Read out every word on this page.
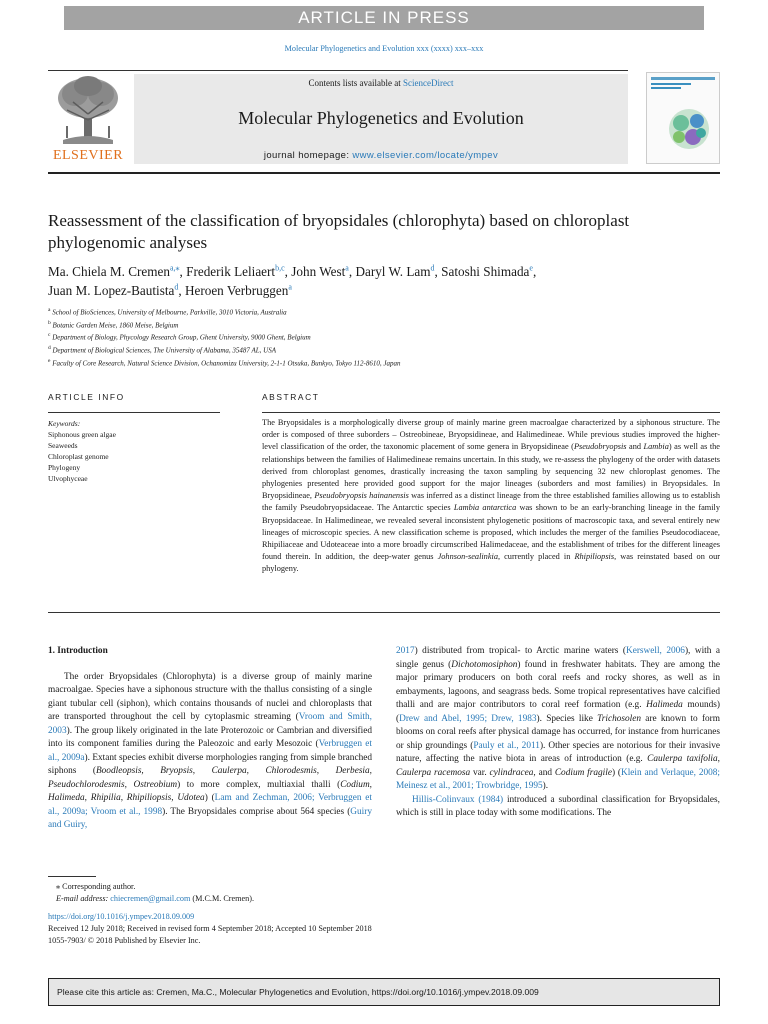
ARTICLE IN PRESS
Molecular Phylogenetics and Evolution xxx (xxxx) xxx–xxx
ELSEVIER
Contents lists available at ScienceDirect
Molecular Phylogenetics and Evolution
journal homepage: www.elsevier.com/locate/ympev
Reassessment of the classification of bryopsidales (chlorophyta) based on chloroplast phylogenomic analyses
Ma. Chiela M. Cremen$^{a,⁎}$, Frederik Leliaert$^{b,c}$, John West$^a$, Daryl W. Lam$^d$, Satoshi Shimada$^e$,
Juan M. Lopez-Bautista$^d$, Heroen Verbruggen$^a$
$^a$ School of BioSciences, University of Melbourne, Parkville, 3010 Victoria, Australia
$^b$ Botanic Garden Meise, 1860 Meise, Belgium
$^c$ Department of Biology, Phycology Research Group, Ghent University, 9000 Ghent, Belgium
$^d$ Department of Biological Sciences, The University of Alabama, 35487 AL, USA
$^e$ Faculty of Core Research, Natural Science Division, Ochanomizu University, 2-1-1 Otsuka, Bunkyo, Tokyo 112-8610, Japan
ARTICLE INFO
Keywords:
Siphonous green algae
Seaweeds
Chloroplast genome
Phylogeny
Ulvophyceae
ABSTRACT
The Bryopsidales is a morphologically diverse group of mainly marine green macroalgae characterized by a siphonous structure. The order is composed of three suborders – Ostreobineae, Bryopsidineae, and Halimedineae. While previous studies improved the higher-level classification of the order, the taxonomic placement of some genera in Bryopsidineae (Pseudobryopsis and Lambia) as well as the relationships between the families of Halimedineae remains uncertain. In this study, we re-assess the phylogeny of the order with datasets derived from chloroplast genomes, drastically increasing the taxon sampling by sequencing 32 new chloroplast genomes. The phylogenies presented here provided good support for the major lineages (suborders and most families) in Bryopsidales. In Bryopsidineae, Pseudobryopsis hainanensis was inferred as a distinct lineage from the three established families allowing us to establish the family Pseudobryopsidaceae. The Antarctic species Lambia antarctica was shown to be an early-branching lineage in the family Bryopsidaceae. In Halimedineae, we revealed several inconsistent phylogenetic positions of macroscopic taxa, and several entirely new lineages of microscopic species. A new classification scheme is proposed, which includes the merger of the families Pseudocodiaceae, Rhipiliaceae and Udoteaceae into a more broadly circumscribed Halimedaceae, and the establishment of tribes for the different lineages found therein. In addition, the deep-water genus Johnson-sealinkia, currently placed in Rhipiliopsis, was reinstated based on our phylogeny.

1. Introduction

The order Bryopsidales (Chlorophyta) is a diverse group of mainly marine macroalgae. Species have a siphonous structure with the thallus consisting of a single giant tubular cell (siphon), which contains thousands of nuclei and chloroplasts that are transported throughout the cell by cytoplasmic streaming (Vroom and Smith, 2003). The group likely originated in the late Proterozoic or Cambrian and diversified into its component families during the Paleozoic and early Mesozoic (Verbruggen et al., 2009a). Extant species exhibit diverse morphologies ranging from simple branched siphons (Boodleopsis, Bryopsis, Caulerpa, Chlorodesmis, Derbesia, Pseudochlorodesmis, Ostreobium) to more complex, multiaxial thalli (Codium, Halimeda, Rhipilia, Rhipiliopsis, Udotea) (Lam and Zechman, 2006; Verbruggen et al., 2009a; Vroom et al., 1998). The Bryopsidales comprise about 564 species (Guiry and Guiry,

2017) distributed from tropical- to Arctic marine waters (Kerswell, 2006), with a single genus (Dichotomosiphon) found in freshwater habitats. They are among the major primary producers on both coral reefs and rocky shores, as well as in embayments, lagoons, and seagrass beds. Some tropical representatives have calcified thalli and are major contributors to coral reef formation (e.g. Halimeda mounds) (Drew and Abel, 1995; Drew, 1983). Species like Trichosolen are known to form blooms on coral reefs after physical damage has occurred, for instance from hurricanes or ship groundings (Pauly et al., 2011). Other species are notorious for their invasive nature, affecting the native biota in areas of introduction (e.g. Caulerpa taxifolia, Caulerpa racemosa var. cylindracea, and Codium fragile) (Klein and Verlaque, 2008; Meinesz et al., 2001; Trowbridge, 1995).

Hillis-Colinvaux (1984) introduced a subordinal classification for Bryopsidales, which is still in place today with some modifications. The

⁎ Corresponding author.
E-mail address: chiecremen@gmail.com (M.C.M. Cremen).
https://doi.org/10.1016/j.ympev.2018.09.009
Received 12 July 2018; Received in revised form 4 September 2018; Accepted 10 September 2018
1055-7903/ © 2018 Published by Elsevier Inc.
Please cite this article as: Cremen, Ma.C., Molecular Phylogenetics and Evolution, https://doi.org/10.1016/j.ympev.2018.09.009
